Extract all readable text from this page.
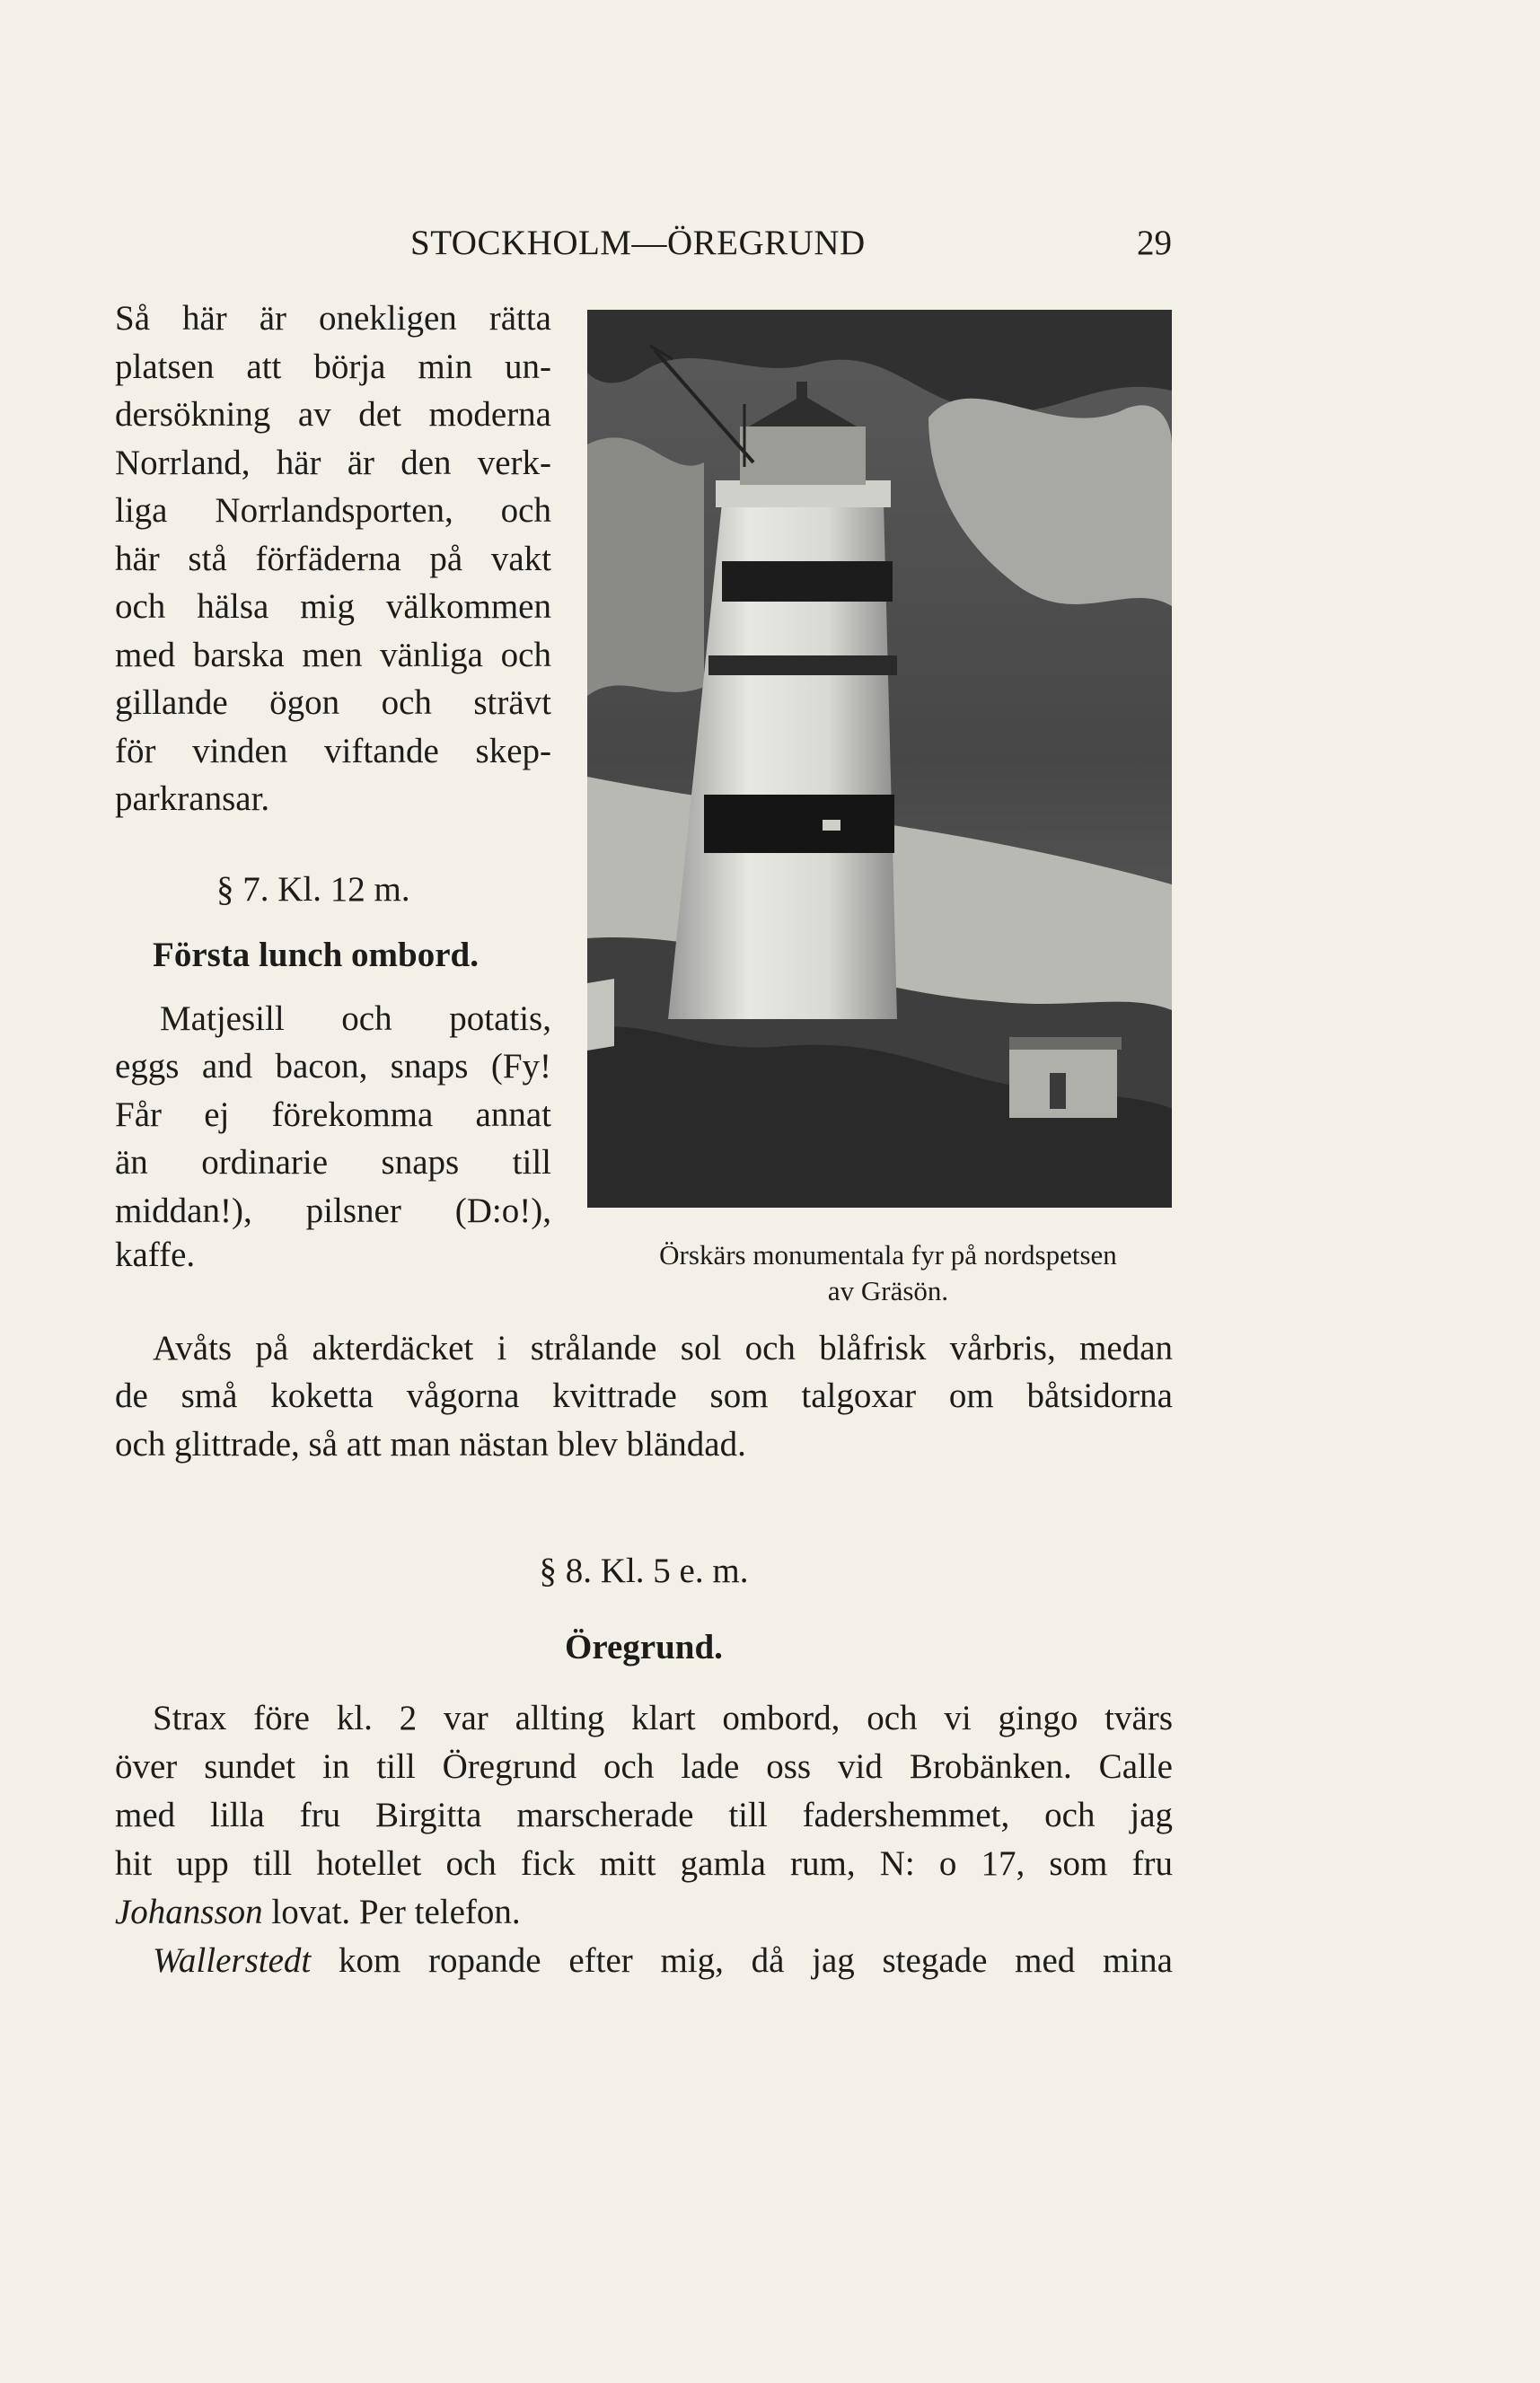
STOCKHOLM—ÖREGRUND	29

Så här är onekligen rätta

platsen att börja min un-

dersökning av det moderna

Norrland, här är den verk-

liga Norrlandsporten, och

här stå förfäderna på vakt

och hälsa mig välkommen

med barska men vänliga och

gillande ögon och strävt

för vinden viftande skep-

parkransar.

§ 7. Kl. 12 m.

Första lunch ombord.

Matjesill och potatis,

eggs and bacon, snaps (Fy!

Får ej förekomma annat

än ordinarie snaps till

middan!), pilsner (D:o!),

kaffe.	Örskärs monumentala fyr på nordspetsen
av Gräsön.

Avåts på akterdäcket i strålande sol och blåfrisk vårbris, medan

de små koketta vågorna kvittrade som talgoxar om båtsidorna

och glittrade, så att man nästan blev bländad.

§ 8. Kl. 5 e. m.

Öregrund.

Strax före kl. 2 var allting klart ombord, och vi gingo tvärs

över sundet in till Öregrund och lade oss vid Brobänken. Calle

med lilla fru Birgitta marscherade till fadershemmet, och jag

hit upp till hotellet och fick mitt gamla rum, N: o 17, som fru

Johansson lovat. Per telefon.

Wallerstedt kom ropande efter mig, då jag stegade med mina
